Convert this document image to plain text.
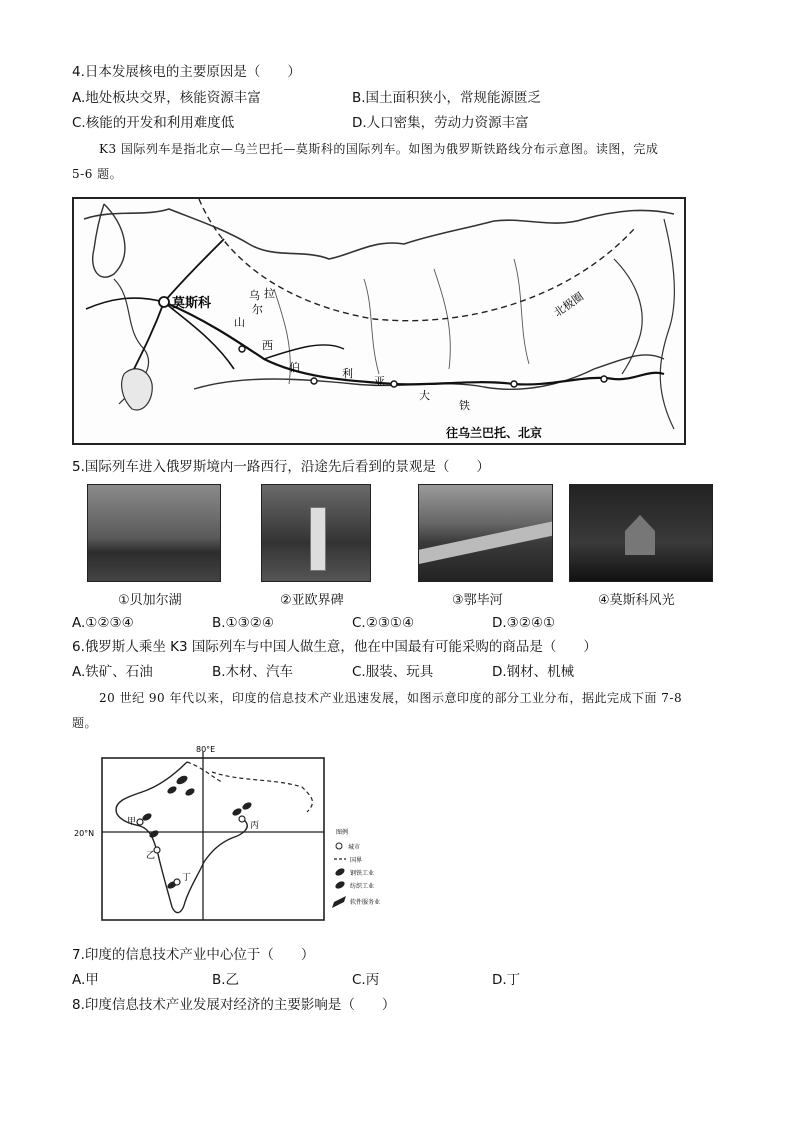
4.日本发展核电的主要原因是（　　）
A.地处板块交界，核能资源丰富	B.国土面积狭小，常规能源匮乏
C.核能的开发和利用难度低	D.人口密集，劳动力资源丰富
K3 国际列车是指北京—乌兰巴托—莫斯科的国际列车。如图为俄罗斯铁路线分布示意图。读图，完成
5-6 题。
莫斯科	北极圈
乌 拉
尔
山
西
伯	利
亚
大
铁
往乌兰巴托、北京
5.国际列车进入俄罗斯境内一路西行，沿途先后看到的景观是（　　）
①贝加尔湖	②亚欧界碑	③鄂毕河	④莫斯科风光
A.①②③④	B.①③②④	C.②③①④	D.③②④①
6.俄罗斯人乘坐 K3 国际列车与中国人做生意，他在中国最有可能采购的商品是（　　）
A.铁矿、石油	B.木材、汽车	C.服装、玩具	D.钢材、机械
20 世纪 90 年代以来，印度的信息技术产业迅速发展，如图示意印度的部分工业分布，据此完成下面 7-8
题。
80°E
20°N
甲
乙
丙
丁
图例
城市
国界
钢铁工业
纺织工业
软件服务业
7.印度的信息技术产业中心位于（　　）
A.甲	B.乙	C.丙	D.丁
8.印度信息技术产业发展对经济的主要影响是（　　）
